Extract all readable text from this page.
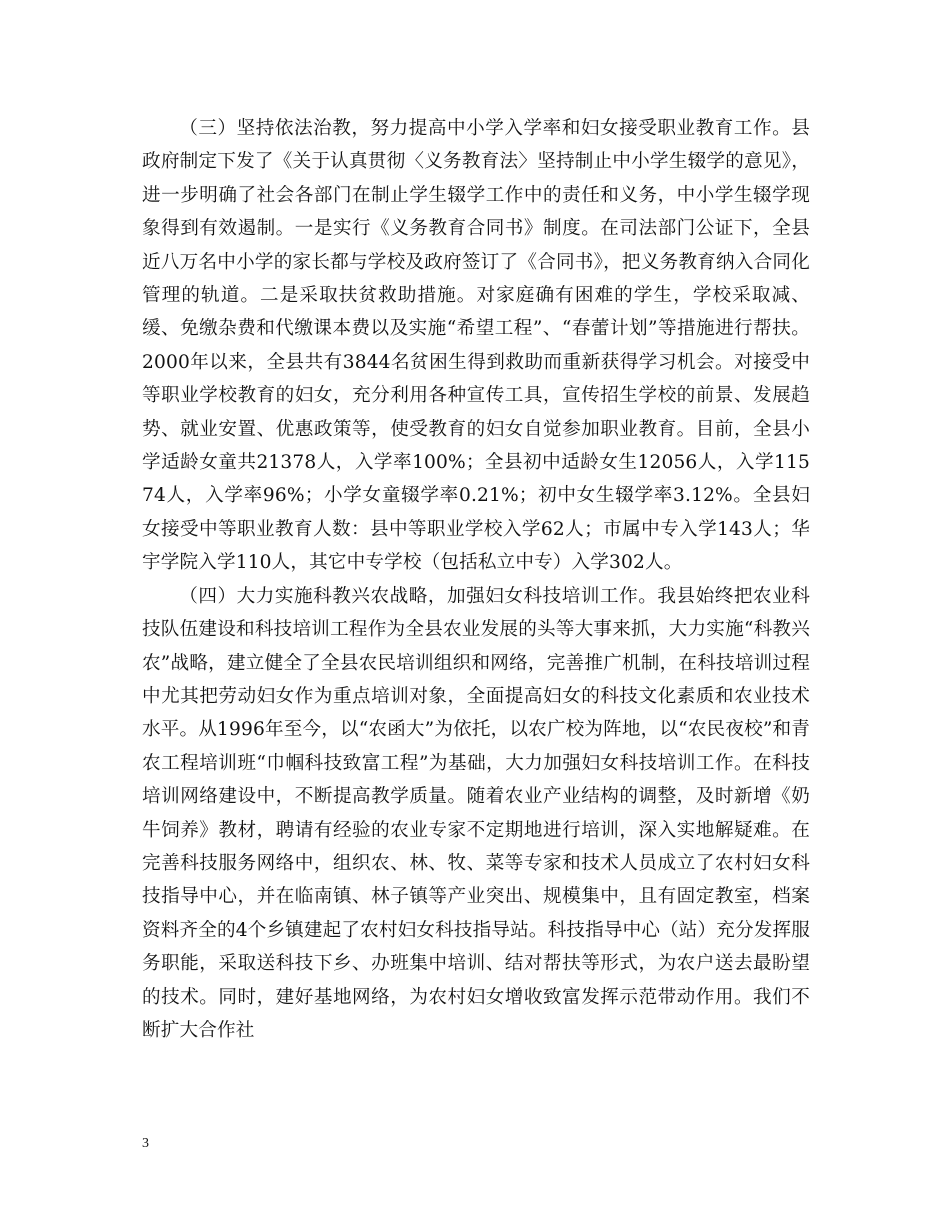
（三）坚持依法治教，努力提高中小学入学率和妇女接受职业教育工作。县政府制定下发了《关于认真贯彻〈义务教育法〉坚持制止中小学生辍学的意见》，进一步明确了社会各部门在制止学生辍学工作中的责任和义务，中小学生辍学现象得到有效遏制。一是实行《义务教育合同书》制度。在司法部门公证下，全县近八万名中小学的家长都与学校及政府签订了《合同书》，把义务教育纳入合同化管理的轨道。二是采取扶贫救助措施。对家庭确有困难的学生，学校采取减、缓、免缴杂费和代缴课本费以及实施“希望工程”、“春蕾计划”等措施进行帮扶。2000年以来，全县共有3844名贫困生得到救助而重新获得学习机会。对接受中等职业学校教育的妇女，充分利用各种宣传工具，宣传招生学校的前景、发展趋势、就业安置、优惠政策等，使受教育的妇女自觉参加职业教育。目前，全县小学适龄女童共21378人，入学率100%；全县初中适龄女生12056人，入学11574人，入学率96%；小学女童辍学率0.21%；初中女生辍学率3.12%。全县妇女接受中等职业教育人数：县中等职业学校入学62人；市属中专入学143人；华宇学院入学110人，其它中专学校（包括私立中专）入学302人。

（四）大力实施科教兴农战略，加强妇女科技培训工作。我县始终把农业科技队伍建设和科技培训工程作为全县农业发展的头等大事来抓，大力实施“科教兴农”战略，建立健全了全县农民培训组织和网络，完善推广机制，在科技培训过程中尤其把劳动妇女作为重点培训对象，全面提高妇女的科技文化素质和农业技术水平。从1996年至今，以“农函大”为依托，以农广校为阵地，以“农民夜校”和青农工程培训班“巾帼科技致富工程”为基础，大力加强妇女科技培训工作。在科技培训网络建设中，不断提高教学质量。随着农业产业结构的调整，及时新增《奶牛饲养》教材，聘请有经验的农业专家不定期地进行培训，深入实地解疑难。在完善科技服务网络中，组织农、林、牧、菜等专家和技术人员成立了农村妇女科技指导中心，并在临南镇、林子镇等产业突出、规模集中，且有固定教室，档案资料齐全的4个乡镇建起了农村妇女科技指导站。科技指导中心（站）充分发挥服务职能，采取送科技下乡、办班集中培训、结对帮扶等形式，为农户送去最盼望的技术。同时，建好基地网络，为农村妇女增收致富发挥示范带动作用。我们不断扩大合作社

3
